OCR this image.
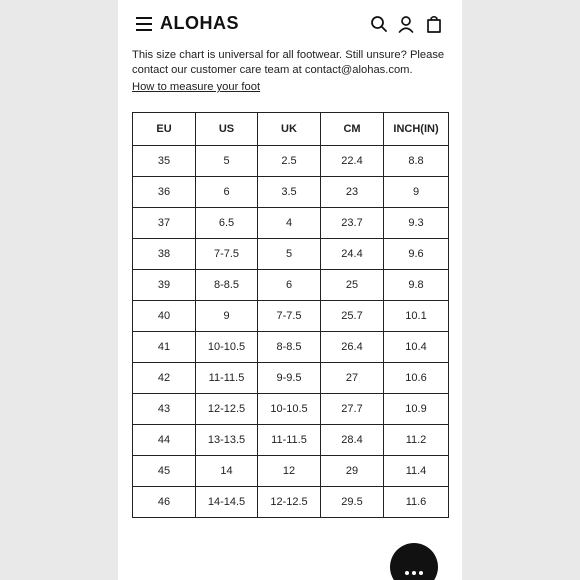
ALOHAS
This size chart is universal for all footwear. Still unsure? Please contact our customer care team at contact@alohas.com.
How to measure your foot
EU	US	UK	CM	INCH(IN)
35	5	2.5	22.4	8.8
36	6	3.5	23	9
37	6.5	4	23.7	9.3
38	7-7.5	5	24.4	9.6
39	8-8.5	6	25	9.8
40	9	7-7.5	25.7	10.1
41	10-10.5	8-8.5	26.4	10.4
42	11-11.5	9-9.5	27	10.6
43	12-12.5	10-10.5	27.7	10.9
44	13-13.5	11-11.5	28.4	11.2
45	14	12	29	11.4
46	14-14.5	12-12.5	29.5	11.6
